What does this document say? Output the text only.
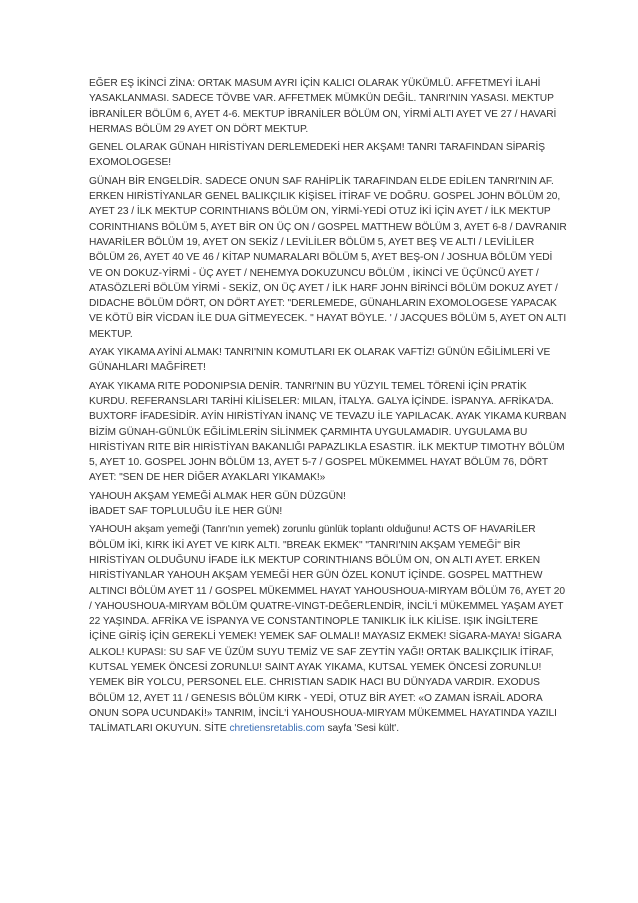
EĞER EŞ İKİNCİ ZİNA: ORTAK MASUM AYRI İÇİN KALICI OLARAK YÜKÜMLÜ. AFFETMEYİ İLAHİ YASAKLANMASI. SADECE TÖVBE VAR. AFFETMEK MÜMKÜN DEĞİL. TANRI'NIN YASASI. MEKTUP İBRANİLER BÖLÜM 6, AYET 4-6. MEKTUP İBRANİLER BÖLÜM ON, YİRMİ ALTI AYET VE 27 / HAVARİ HERMAS BÖLÜM 29 AYET ON DÖRT MEKTUP.

GENEL OLARAK GÜNAH HIRİSTİYAN DERLEMEDEKİ HER AKŞAM! TANRI TARAFINDAN SİPARİŞ EXOMOLOGESE!

GÜNAH BİR ENGELDİR. SADECE ONUN SAF RAHİPLİK TARAFINDAN ELDE EDİLEN TANRI'NIN AF. ERKEN HIRİSTİYANLAR GENEL BALIKÇILIK KİŞİSEL İTİRAF VE DOĞRU. GOSPEL JOHN BÖLÜM 20, AYET 23 / İLK MEKTUP CORINTHIANS BÖLÜM ON, YİRMİ-YEDİ OTUZ İKİ İÇİN AYET / İLK MEKTUP CORINTHIANS BÖLÜM 5, AYET BİR ON ÜÇ ON / GOSPEL MATTHEW BÖLÜM 3, AYET 6-8 / DAVRANIR HAVARİLER BÖLÜM 19, AYET ON SEKİZ / LEVİLİLER BÖLÜM 5, AYET BEŞ VE ALTI / LEVİLİLER BÖLÜM 26, AYET 40 VE 46 / KİTAP NUMARALARI BÖLÜM 5, AYET BEŞ-ON / JOSHUA BÖLÜM YEDİ VE ON DOKUZ-YİRMİ - ÜÇ AYET / NEHEMYA DOKUZUNCU BÖLÜM , İKİNCİ VE ÜÇÜNCÜ AYET / ATASÖZLERİ BÖLÜM YİRMİ - SEKİZ, ON ÜÇ AYET / İLK HARF JOHN BİRİNCİ BÖLÜM DOKUZ AYET / DIDACHE BÖLÜM DÖRT, ON DÖRT AYET: "DERLEMEDE, GÜNAHLARIN EXOMOLOGESE YAPACAK VE KÖTÜ BİR VİCDAN İLE DUA GİTMEYECEK. " HAYAT BÖYLE. ' / JACQUES BÖLÜM 5, AYET ON ALTI MEKTUP.

AYAK YIKAMA AYİNİ ALMAK! TANRI'NIN KOMUTLARI EK OLARAK VAFTİZ! GÜNÜN EĞİLİMLERİ VE GÜNAHLARI MAĞFİRET!

AYAK YIKAMA RITE PODONIPSIA DENİR. TANRI'NIN BU YÜZYIL TEMEL TÖRENİ İÇİN PRATİK KURDU. REFERANSLARI TARİHİ KİLİSELER: MILAN, İTALYA. GALYA İÇİNDE. İSPANYA. AFRİKA'DA. BUXTORF İFADESİDİR. AYİN HIRİSTİYAN İNANÇ VE TEVAZU İLE YAPILACAK. AYAK YIKAMA KURBAN BİZİM GÜNAH-GÜNLÜK EĞİLİMLERİN SİLİNMEK ÇARMIHTA UYGULAMADIR. UYGULAMA BU HIRİSTİYAN RITE BİR HIRİSTİYAN BAKANLIĞI PAPAZLIKLA ESASTIR. İLK MEKTUP TIMOTHY BÖLÜM 5, AYET 10. GOSPEL JOHN BÖLÜM 13, AYET 5-7 / GOSPEL MÜKEMMEL HAYAT BÖLÜM 76, DÖRT AYET: "SEN DE HER DİĞER AYAKLARI YIKAMAK!»

YAHOUH AKŞAM YEMEĞİ ALMAK HER GÜN DÜZGÜN!

İBADET SAF TOPLULUĞU İLE HER GÜN!

YAHOUH akşam yemeği (Tanrı'nın yemek) zorunlu günlük toplantı olduğunu! ACTS OF HAVARİLER BÖLÜM İKİ, KIRK İKİ AYET VE KIRK ALTI. "BREAK EKMEK" "TANRI'NIN AKŞAM YEMEĞİ" BİR HIRİSTİYAN OLDUĞUNU İFADE İLK MEKTUP CORINTHIANS BÖLÜM ON, ON ALTI AYET. ERKEN HIRİSTİYANLAR YAHOUH AKŞAM YEMEĞİ HER GÜN ÖZEL KONUT İÇİNDE. GOSPEL MATTHEW ALTINCI BÖLÜM AYET 11 / GOSPEL MÜKEMMEL HAYAT YAHOUSHOUA-MIRYAM BÖLÜM 76, AYET 20 / YAHOUSHOUA-MIRYAM BÖLÜM QUATRE-VINGT-DEĞERLENDİR, İNCİL'İ MÜKEMMEL YAŞAM AYET 22 YAŞINDA. AFRİKA VE İSPANYA VE CONSTANTINOPLE TANIKLIK İLK KİLİSE. IŞIK İNGİLTERE İÇİNE GİRİŞ İÇİN GEREKLİ YEMEK! YEMEK SAF OLMALI! MAYASIZ EKMEK! SİGARA-MAYA! SİGARA ALKOL! KUPASI: SU SAF VE ÜZÜM SUYU TEMİZ VE SAF ZEYTİN YAĞI! ORTAK BALIKÇILIK İTİRAF, KUTSAL YEMEK ÖNCESİ ZORUNLU! SAINT AYAK YIKAMA, KUTSAL YEMEK ÖNCESİ ZORUNLU! YEMEK BİR YOLCU, PERSONEL ELE. CHRISTIAN SADIK HACI BU DÜNYADA VARDIR. EXODUS BÖLÜM 12, AYET 11 / GENESIS BÖLÜM KIRK - YEDİ, OTUZ BİR AYET: «O ZAMAN İSRAİL ADORA ONUN SOPA UCUNDAKİ!» TANRIM, İNCİL'İ YAHOUSHOUA-MIRYAM MÜKEMMEL HAYATINDA YAZILI TALİMATLARI OKUYUN. SİTE chretiensretablis.com sayfa 'Sesi kült'.
